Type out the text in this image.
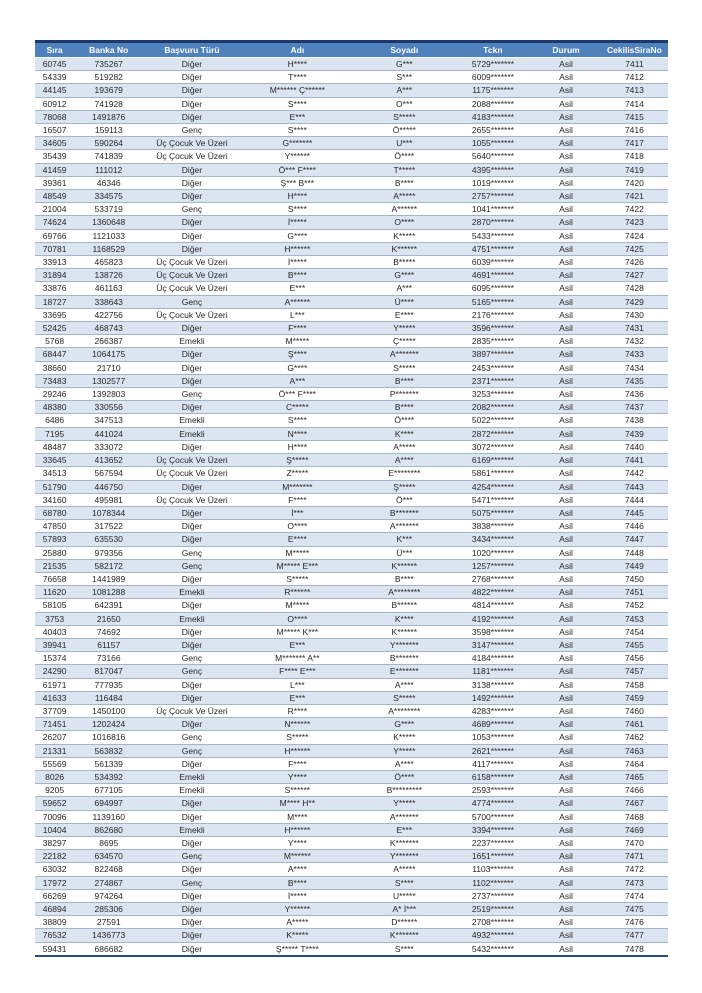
Sıra	Banka No	Başvuru Türü	Adı	Soyadı	Tckn	Durum	CekilisSiraNo
60745	735267	Diğer	H****	G***	5729*******	Asil	7411
54339	519282	Diğer	T****	S***	6009*******	Asil	7412
44145	193679	Diğer	M****** Ç******	A***	1175*******	Asil	7413
60912	741928	Diğer	S****	O***	2088*******	Asil	7414
78068	1491876	Diğer	E***	S*****	4183*******	Asil	7415
16507	159113	Genç	S****	Ö*****	2655*******	Asil	7416
34605	590264	Üç Çocuk Ve Üzeri	G*******	U***	1055*******	Asil	7417
35439	741839	Üç Çocuk Ve Üzeri	Y******	Ö****	5640*******	Asil	7418
41459	111012	Diğer	Ö*** F****	T*****	4395*******	Asil	7419
39361	46346	Diğer	Ş*** B***	B****	1019*******	Asil	7420
48549	334575	Diğer	H****	A*****	2757*******	Asil	7421
21004	533719	Genç	S****	A******	1041*******	Asil	7422
74624	1360648	Diğer	İ*****	O****	2870*******	Asil	7423
69766	1121033	Diğer	G****	K*****	5433*******	Asil	7424
70781	1168529	Diğer	H******	K******	4751*******	Asil	7425
33913	465823	Üç Çocuk Ve Üzeri	İ*****	B*****	6039*******	Asil	7426
31894	138726	Üç Çocuk Ve Üzeri	B****	G****	4691*******	Asil	7427
33876	461163	Üç Çocuk Ve Üzeri	E***	A***	6095*******	Asil	7428
18727	338643	Genç	A******	Ü****	5165*******	Asil	7429
33695	422756	Üç Çocuk Ve Üzeri	L***	E****	2176*******	Asil	7430
52425	468743	Diğer	F****	Y*****	3596*******	Asil	7431
5768	266387	Emekli	M*****	Ç*****	2835*******	Asil	7432
68447	1064175	Diğer	Ş****	A*******	3897*******	Asil	7433
38660	21710	Diğer	G****	S*****	2453*******	Asil	7434
73483	1302577	Diğer	A***	B****	2371*******	Asil	7435
29246	1392803	Genç	Ö*** F****	P*******	3253*******	Asil	7436
48380	330556	Diğer	C*****	B****	2082*******	Asil	7437
6486	347513	Emekli	S****	Ö****	5022*******	Asil	7438
7195	441024	Emekli	N****	K****	2872*******	Asil	7439
48487	333072	Diğer	H****	A*****	3072*******	Asil	7440
33645	413652	Üç Çocuk Ve Üzeri	Ş*****	A****	6169*******	Asil	7441
34513	567594	Üç Çocuk Ve Üzeri	Z*****	E********	5861*******	Asil	7442
51790	446750	Diğer	M*******	Ş*****	4254*******	Asil	7443
34160	495981	Üç Çocuk Ve Üzeri	F****	Ö***	5471*******	Asil	7444
68780	1078344	Diğer	İ***	B*******	5075*******	Asil	7445
47850	317522	Diğer	O****	A*******	3838*******	Asil	7446
57893	635530	Diğer	E****	K***	3434*******	Asil	7447
25880	979356	Genç	M*****	Ü***	1020*******	Asil	7448
21535	582172	Genç	M***** E***	K******	1257*******	Asil	7449
76658	1441989	Diğer	S*****	B****	2768*******	Asil	7450
11620	1081288	Emekli	R******	A********	4822*******	Asil	7451
58105	642391	Diğer	M*****	B******	4814*******	Asil	7452
3753	21650	Emekli	O****	K****	4192*******	Asil	7453
40403	74692	Diğer	M***** K***	K******	3598*******	Asil	7454
39941	61157	Diğer	E***	Y*******	3147*******	Asil	7455
15374	73166	Genç	M******* A**	B*******	4184*******	Asil	7456
24290	817047	Genç	F**** E***	E*******	1181*******	Asil	7457
61971	777935	Diğer	L***	A****	3138*******	Asil	7458
41633	116484	Diğer	E***	S*****	1492*******	Asil	7459
37709	1450100	Üç Çocuk Ve Üzeri	R****	A********	4283*******	Asil	7460
71451	1202424	Diğer	N******	G****	4689*******	Asil	7461
26207	1016816	Genç	S*****	K*****	1053*******	Asil	7462
21331	563832	Genç	H******	Y*****	2621*******	Asil	7463
55569	561339	Diğer	F****	A****	4117*******	Asil	7464
8026	534392	Emekli	Y****	Ö****	6158*******	Asil	7465
9205	677105	Emekli	S******	B*********	2593*******	Asil	7466
59652	694997	Diğer	M**** H**	Y*****	4774*******	Asil	7467
70096	1139160	Diğer	M****	A*******	5700*******	Asil	7468
10404	862680	Emekli	H******	E***	3394*******	Asil	7469
38297	8695	Diğer	Y****	K*******	2237*******	Asil	7470
22182	634570	Genç	M******	Y*******	1651*******	Asil	7471
63032	822468	Diğer	A****	A*****	1103*******	Asil	7472
17972	274867	Genç	B****	S****	1102*******	Asil	7473
66269	974264	Diğer	İ*****	U*****	2737*******	Asil	7474
46894	285306	Diğer	Y******	A* İ***	2519*******	Asil	7475
38809	27591	Diğer	A*****	D******	2708*******	Asil	7476
76532	1436773	Diğer	K*****	K*******	4932*******	Asil	7477
59431	686682	Diğer	Ş***** T****	S****	5432*******	Asil	7478
